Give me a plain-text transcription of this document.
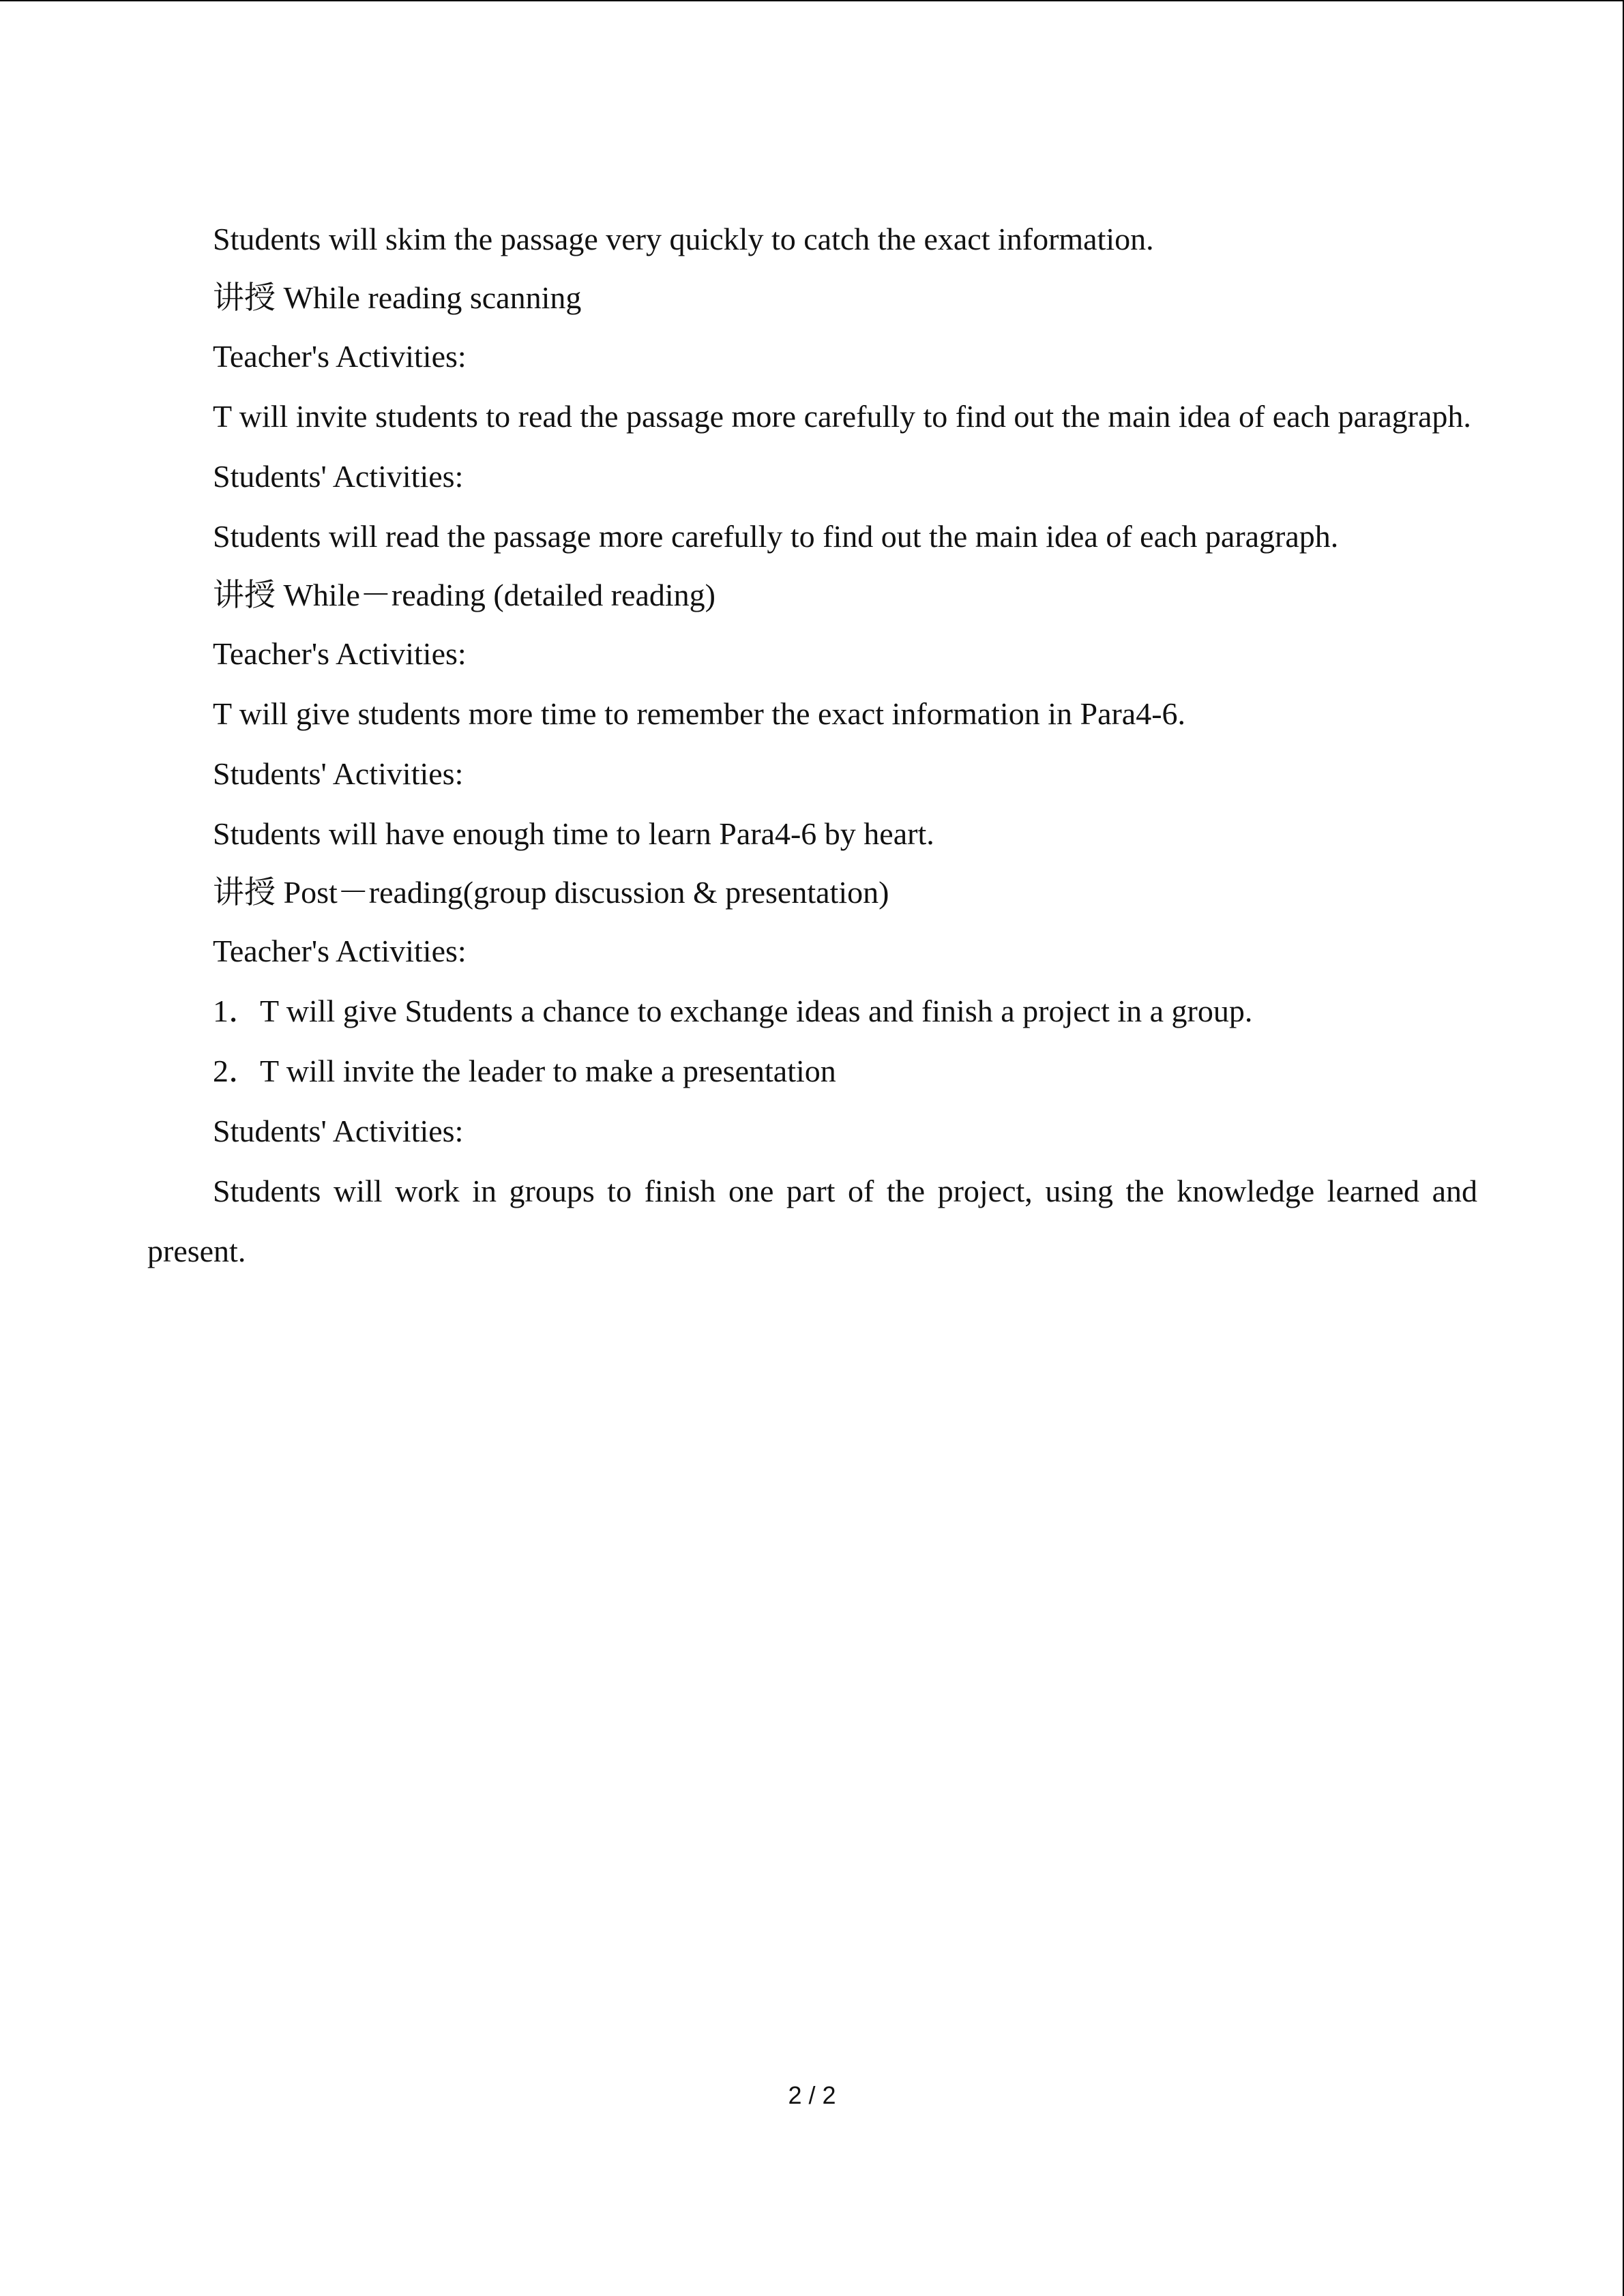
Students will skim the passage very quickly to catch the exact information.

讲授 While reading scanning

Teacher's Activities:

T will invite students to read the passage more carefully to find out the main idea of each paragraph.

Students' Activities:

Students will read the passage more carefully to find out the main idea of each paragraph.

讲授 While－reading (detailed reading)

Teacher's Activities:

T will give students more time to remember the exact information in Para4-6.

Students' Activities:

Students will have enough time to learn Para4-6 by heart.

讲授 Post－reading(group discussion & presentation)

Teacher's Activities:

1．T will give Students a chance to exchange ideas and finish a project in a group.

2．T will invite the leader to make a presentation

Students' Activities:

Students will work in groups to finish one part of the project, using the knowledge learned and present.

2 / 2
